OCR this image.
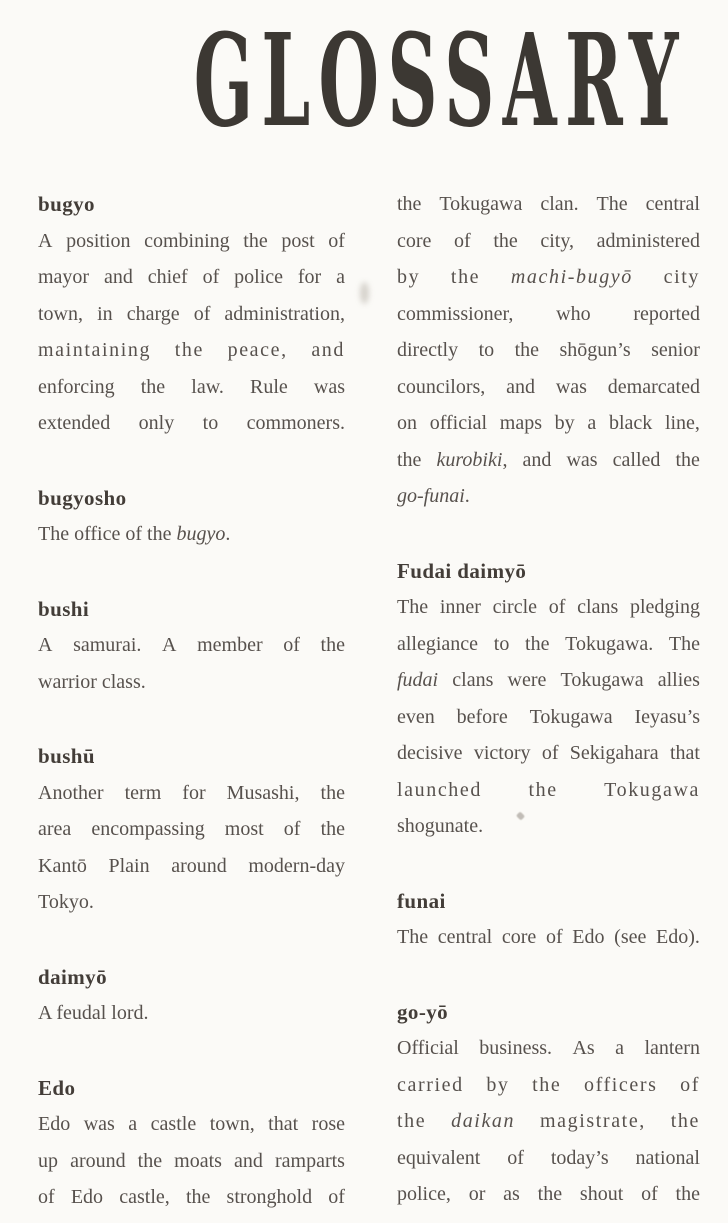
GLOSSARY
bugyo
A position combining the post of
mayor and chief of police for a
town, in charge of administration,
maintaining the peace, and
enforcing the law. Rule was
extended only to commoners.
bugyosho
The office of the bugyo.
bushi
A samurai. A member of the
warrior class.
bushū
Another term for Musashi, the
area encompassing most of the
Kantō Plain around modern-day
Tokyo.
daimyō
A feudal lord.
Edo
Edo was a castle town, that rose
up around the moats and ramparts
of Edo castle, the stronghold of
the Tokugawa clan. The central
core of the city, administered
by the machi-bugyō city
commissioner, who reported
directly to the shōgun’s senior
councilors, and was demarcated
on official maps by a black line,
the kurobiki, and was called the
go-funai.
Fudai daimyō
The inner circle of clans pledging
allegiance to the Tokugawa. The
fudai clans were Tokugawa allies
even before Tokugawa Ieyasu’s
decisive victory of Sekigahara that
launched the Tokugawa
shogunate.
funai
The central core of Edo (see Edo).
go-yō
Official business. As a lantern
carried by the officers of
the daikan magistrate, the
equivalent of today’s national
police, or as the shout of the
